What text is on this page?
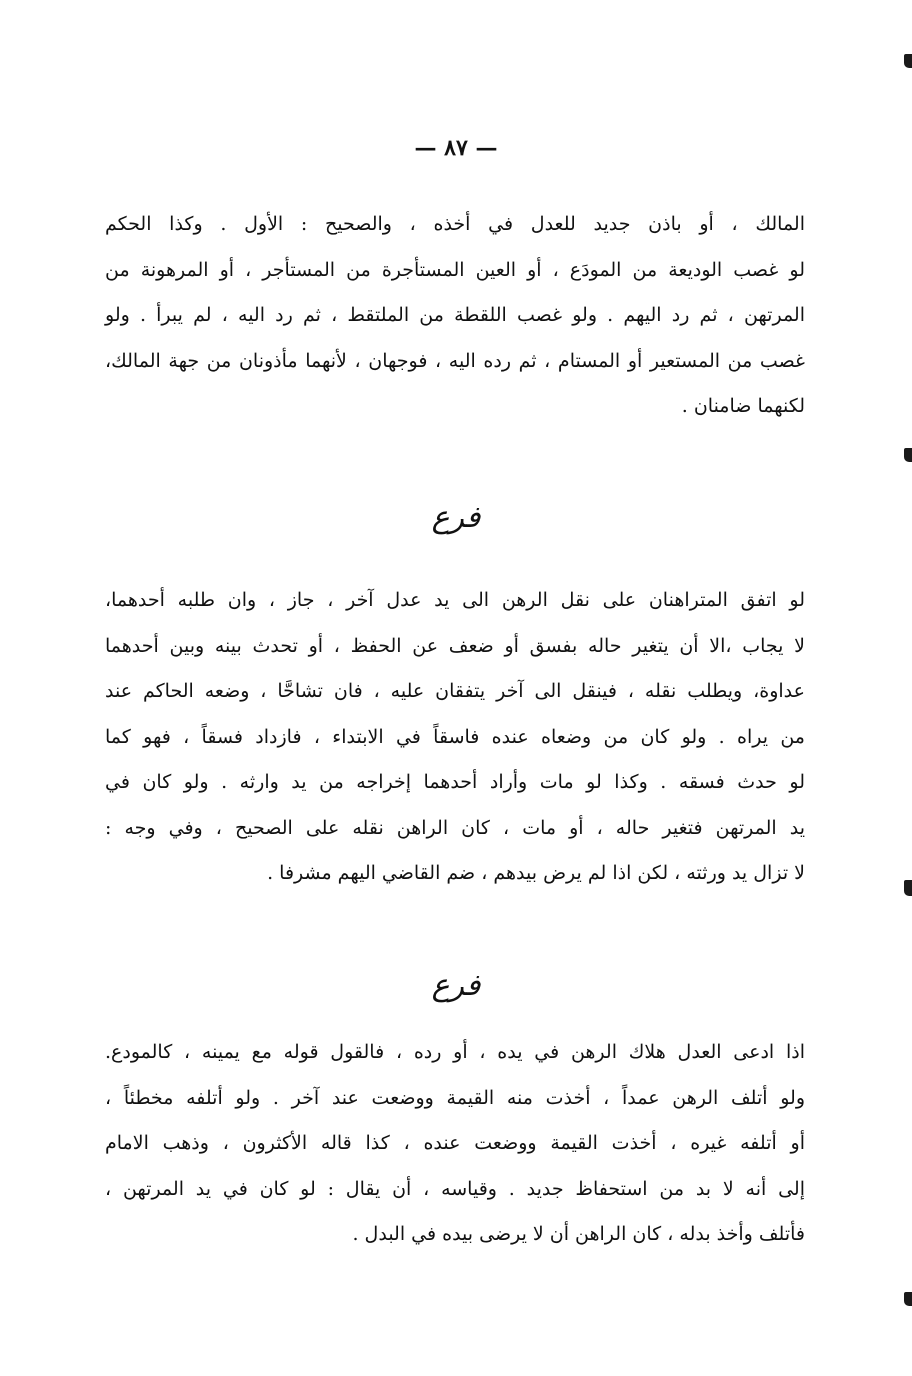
— ٨٧ —
المالك ، أو باذن جديد للعدل في أخذه ، والصحيح : الأول . وكذا الحكم
لو غصب الوديعة من المودَع ، أو العين المستأجرة من المستأجر ، أو المرهونة من
المرتهن ، ثم رد اليهم . ولو غصب اللقطة من الملتقط ، ثم رد اليه ، لم يبرأ . ولو
غصب من المستعير أو المستام ، ثم رده اليه ، فوجهان ، لأنهما مأذونان من جهة المالك،
لكنهما ضامنان .
فرع
لو اتفق المتراهنان على نقل الرهن الى يد عدل آخر ، جاز ، وان طلبه أحدهما،
لا يجاب ،الا أن يتغير حاله بفسق أو ضعف عن الحفظ ، أو تحدث بينه وبين أحدهما
عداوة، ويطلب نقله ، فينقل الى آخر يتفقان عليه ، فان تشاحَّا ، وضعه الحاكم عند
من يراه . ولو كان من وضعاه عنده فاسقاً في الابتداء ، فازداد فسقاً ، فهو كما
لو حدث فسقه . وكذا لو مات وأراد أحدهما إخراجه من يد وارثه . ولو كان في
يد المرتهن فتغير حاله ، أو مات ، كان الراهن نقله على الصحيح ، وفي وجه :
لا تزال يد ورثته ، لكن اذا لم يرض بيدهم ، ضم القاضي اليهم مشرفا .
فرع
اذا ادعى العدل هلاك الرهن في يده ، أو رده ، فالقول قوله مع يمينه ، كالمودع.
ولو أتلف الرهن عمداً ، أخذت منه القيمة ووضعت عند آخر . ولو أتلفه مخطئاً ،
أو أتلفه غيره ، أخذت القيمة ووضعت عنده ، كذا قاله الأكثرون ، وذهب الامام
إلى أنه لا بد من استحفاظ جديد . وقياسه ، أن يقال : لو كان في يد المرتهن ،
فأتلف وأخذ بدله ، كان الراهن أن لا يرضى بيده في البدل .
